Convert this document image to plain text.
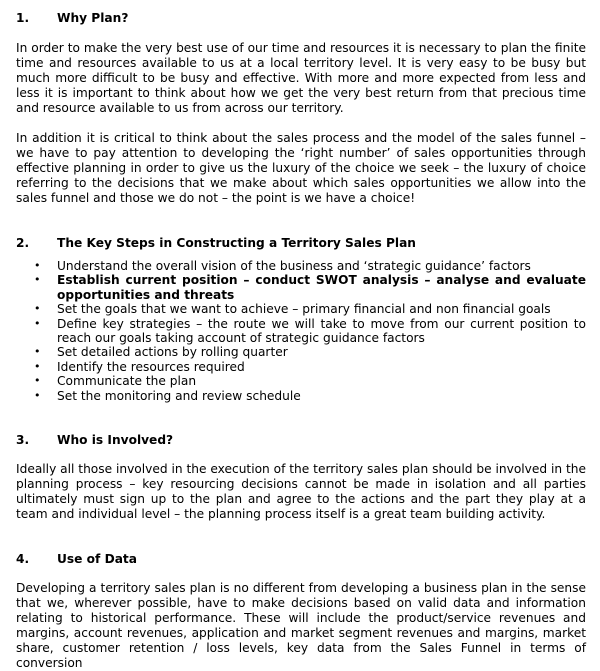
1.	Why Plan?

In order to make the very best use of our time and resources it is necessary to plan the finite time and resources available to us at a local territory level. It is very easy to be busy but much more difficult to be busy and effective. With more and more expected from less and less it is important to think about how we get the very best return from that precious time and resource available to us from across our territory.

In addition it is critical to think about the sales process and the model of the sales funnel – we have to pay attention to developing the ‘right number’ of sales opportunities through effective planning in order to give us the luxury of the choice we seek – the luxury of choice referring to the decisions that we make about which sales opportunities we allow into the sales funnel and those we do not – the point is we have a choice!

2.	The Key Steps in Constructing a Territory Sales Plan
•	Understand the overall vision of the business and ‘strategic guidance’ factors
•	Establish current position – conduct SWOT analysis – analyse and evaluate opportunities and threats
•	Set the goals that we want to achieve – primary financial and non financial goals
•	Define key strategies – the route we will take to move from our current position to reach our goals taking account of strategic guidance factors
•	Set detailed actions by rolling quarter
•	Identify the resources required
•	Communicate the plan
•	Set the monitoring and review schedule
3.	Who is Involved?

Ideally all those involved in the execution of the territory sales plan should be involved in the planning process – key resourcing decisions cannot be made in isolation and all parties ultimately must sign up to the plan and agree to the actions and the part they play at a team and individual level – the planning process itself is a great team building activity.

4.	Use of Data

Developing a territory sales plan is no different from developing a business plan in the sense that we, wherever possible, have to make decisions based on valid data and information relating to historical performance. These will include the product/service revenues and margins, account revenues, application and market segment revenues and margins, market share, customer retention / loss levels, key data from the Sales Funnel in terms of conversion
